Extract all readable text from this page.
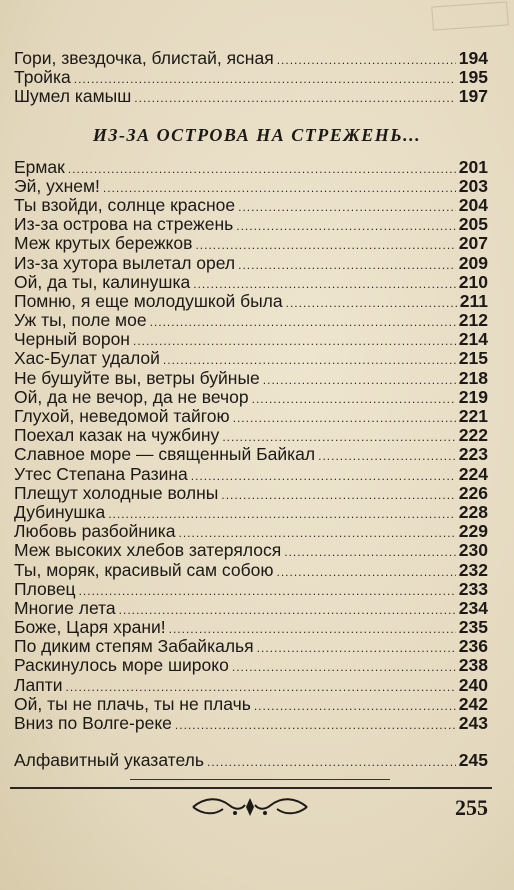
Гори, звездочка, блистай, ясная .....	194
Тройка .....	195
Шумел камыш .....	197
ИЗ-ЗА ОСТРОВА НА СТРЕЖЕНЬ...
Ермак .....	201
Эй, ухнем! .....	203
Ты взойди, солнце красное .....	204
Из-за острова на стрежень .....	205
Меж крутых бережков .....	207
Из-за хутора вылетал орел .....	209
Ой, да ты, калинушка .....	210
Помню, я еще молодушкой была .....	211
Уж ты, поле мое .....	212
Черный ворон .....	214
Хас-Булат удалой .....	215
Не бушуйте вы, ветры буйные .....	218
Ой, да не вечор, да не вечор .....	219
Глухой, неведомой тайгою .....	221
Поехал казак на чужбину .....	222
Славное море — священный Байкал .....	223
Утес Степана Разина .....	224
Плещут холодные волны .....	226
Дубинушка .....	228
Любовь разбойника .....	229
Меж высоких хлебов затерялося .....	230
Ты, моряк, красивый сам собою .....	232
Пловец .....	233
Многие лета .....	234
Боже, Царя храни! .....	235
По диким степям Забайкалья .....	236
Раскинулось море широко .....	238
Лапти .....	240
Ой, ты не плачь, ты не плачь .....	242
Вниз по Волге-реке .....	243
Алфавитный указатель .....	245
255
